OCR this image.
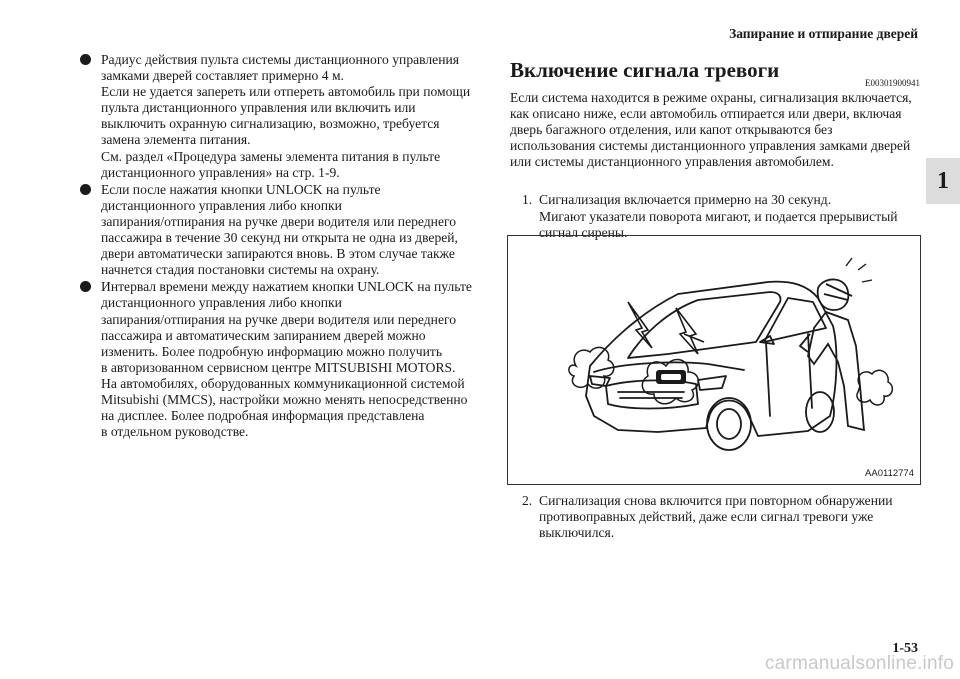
Запирание и отпирание дверей
1
Радиус действия пульта системы дистанционного управления
замками дверей составляет примерно 4 м.
Если не удается запереть или отпереть автомобиль при помощи
пульта дистанционного управления или включить или
выключить охранную сигнализацию, возможно, требуется
замена элемента питания.
См. раздел «Процедура замены элемента питания в пульте
дистанционного управления» на стр. 1-9.
Если после нажатия кнопки UNLOCK на пульте
дистанционного управления либо кнопки
запирания/отпирания на ручке двери водителя или переднего
пассажира в течение 30 секунд ни открыта не одна из дверей,
двери автоматически запираются вновь. В этом случае также
начнется стадия постановки системы на охрану.
Интервал времени между нажатием кнопки UNLOCK на пульте
дистанционного управления либо кнопки
запирания/отпирания на ручке двери водителя или переднего
пассажира и автоматическим запиранием дверей можно
изменить. Более подробную информацию можно получить
в авторизованном сервисном центре MITSUBISHI MOTORS.
На автомобилях, оборудованных коммуникационной системой
Mitsubishi (MMCS), настройки можно менять непосредственно
на дисплее. Более подробная информация представлена
в отдельном руководстве.
Включение сигнала тревоги
E00301900941
Если система находится в режиме охраны, сигнализация включается,
как описано ниже, если автомобиль отпирается или двери, включая
дверь багажного отделения, или капот открываются без
использования системы дистанционного управления замками дверей
или системы дистанционного управления автомобилем.
1. Сигнализация включается примерно на 30 секунд.
Мигают указатели поворота мигают, и подается прерывистый
сигнал сирены.
AA0112774
2. Сигнализация снова включится при повторном обнаружении
противоправных действий, даже если сигнал тревоги уже
выключился.
1-53
carmanualsonline.info
